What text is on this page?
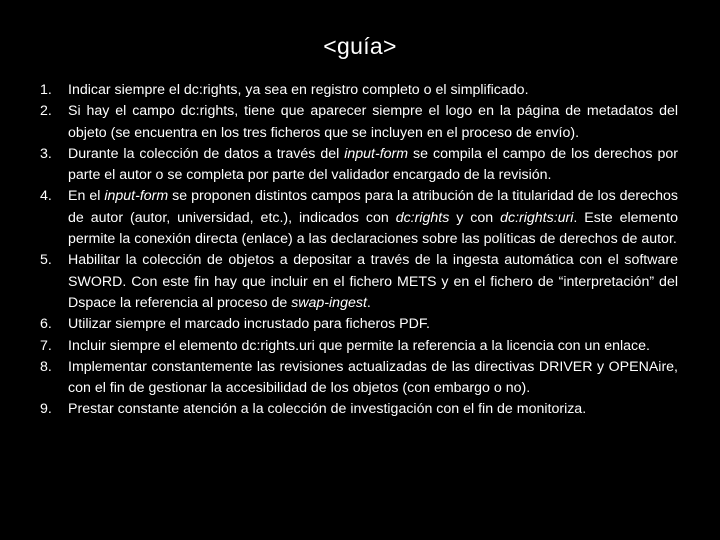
<guía>
1. Indicar siempre el dc:rights, ya sea en registro completo o el simplificado.
2. Si hay el campo dc:rights, tiene que aparecer siempre el logo en la página de metadatos del objeto (se encuentra en los tres ficheros que se incluyen en el proceso de envío).
3. Durante la colección de datos a través del input-form se compila el campo de los derechos por parte el autor o se completa por parte del validador encargado de la revisión.
4. En el input-form se proponen distintos campos para la atribución de la titularidad de los derechos de autor (autor, universidad, etc.), indicados con dc:rights y con dc:rights:uri. Este elemento permite la conexión directa (enlace) a las declaraciones sobre las políticas de derechos de autor.
5. Habilitar la colección de objetos a depositar a través de la ingesta automática con el software SWORD. Con este fin hay que incluir en el fichero METS y en el fichero de “interpretación” del Dspace la referencia al proceso de swap-ingest.
6. Utilizar siempre el marcado incrustado para ficheros PDF.
7. Incluir siempre el elemento dc:rights.uri que permite la referencia a la licencia con un enlace.
8. Implementar constantemente las revisiones actualizadas de las directivas DRIVER y OPENAire, con el fin de gestionar la accesibilidad de los objetos (con embargo o no).
9. Prestar constante atención a la colección de investigación con el fin de monitoriza.
